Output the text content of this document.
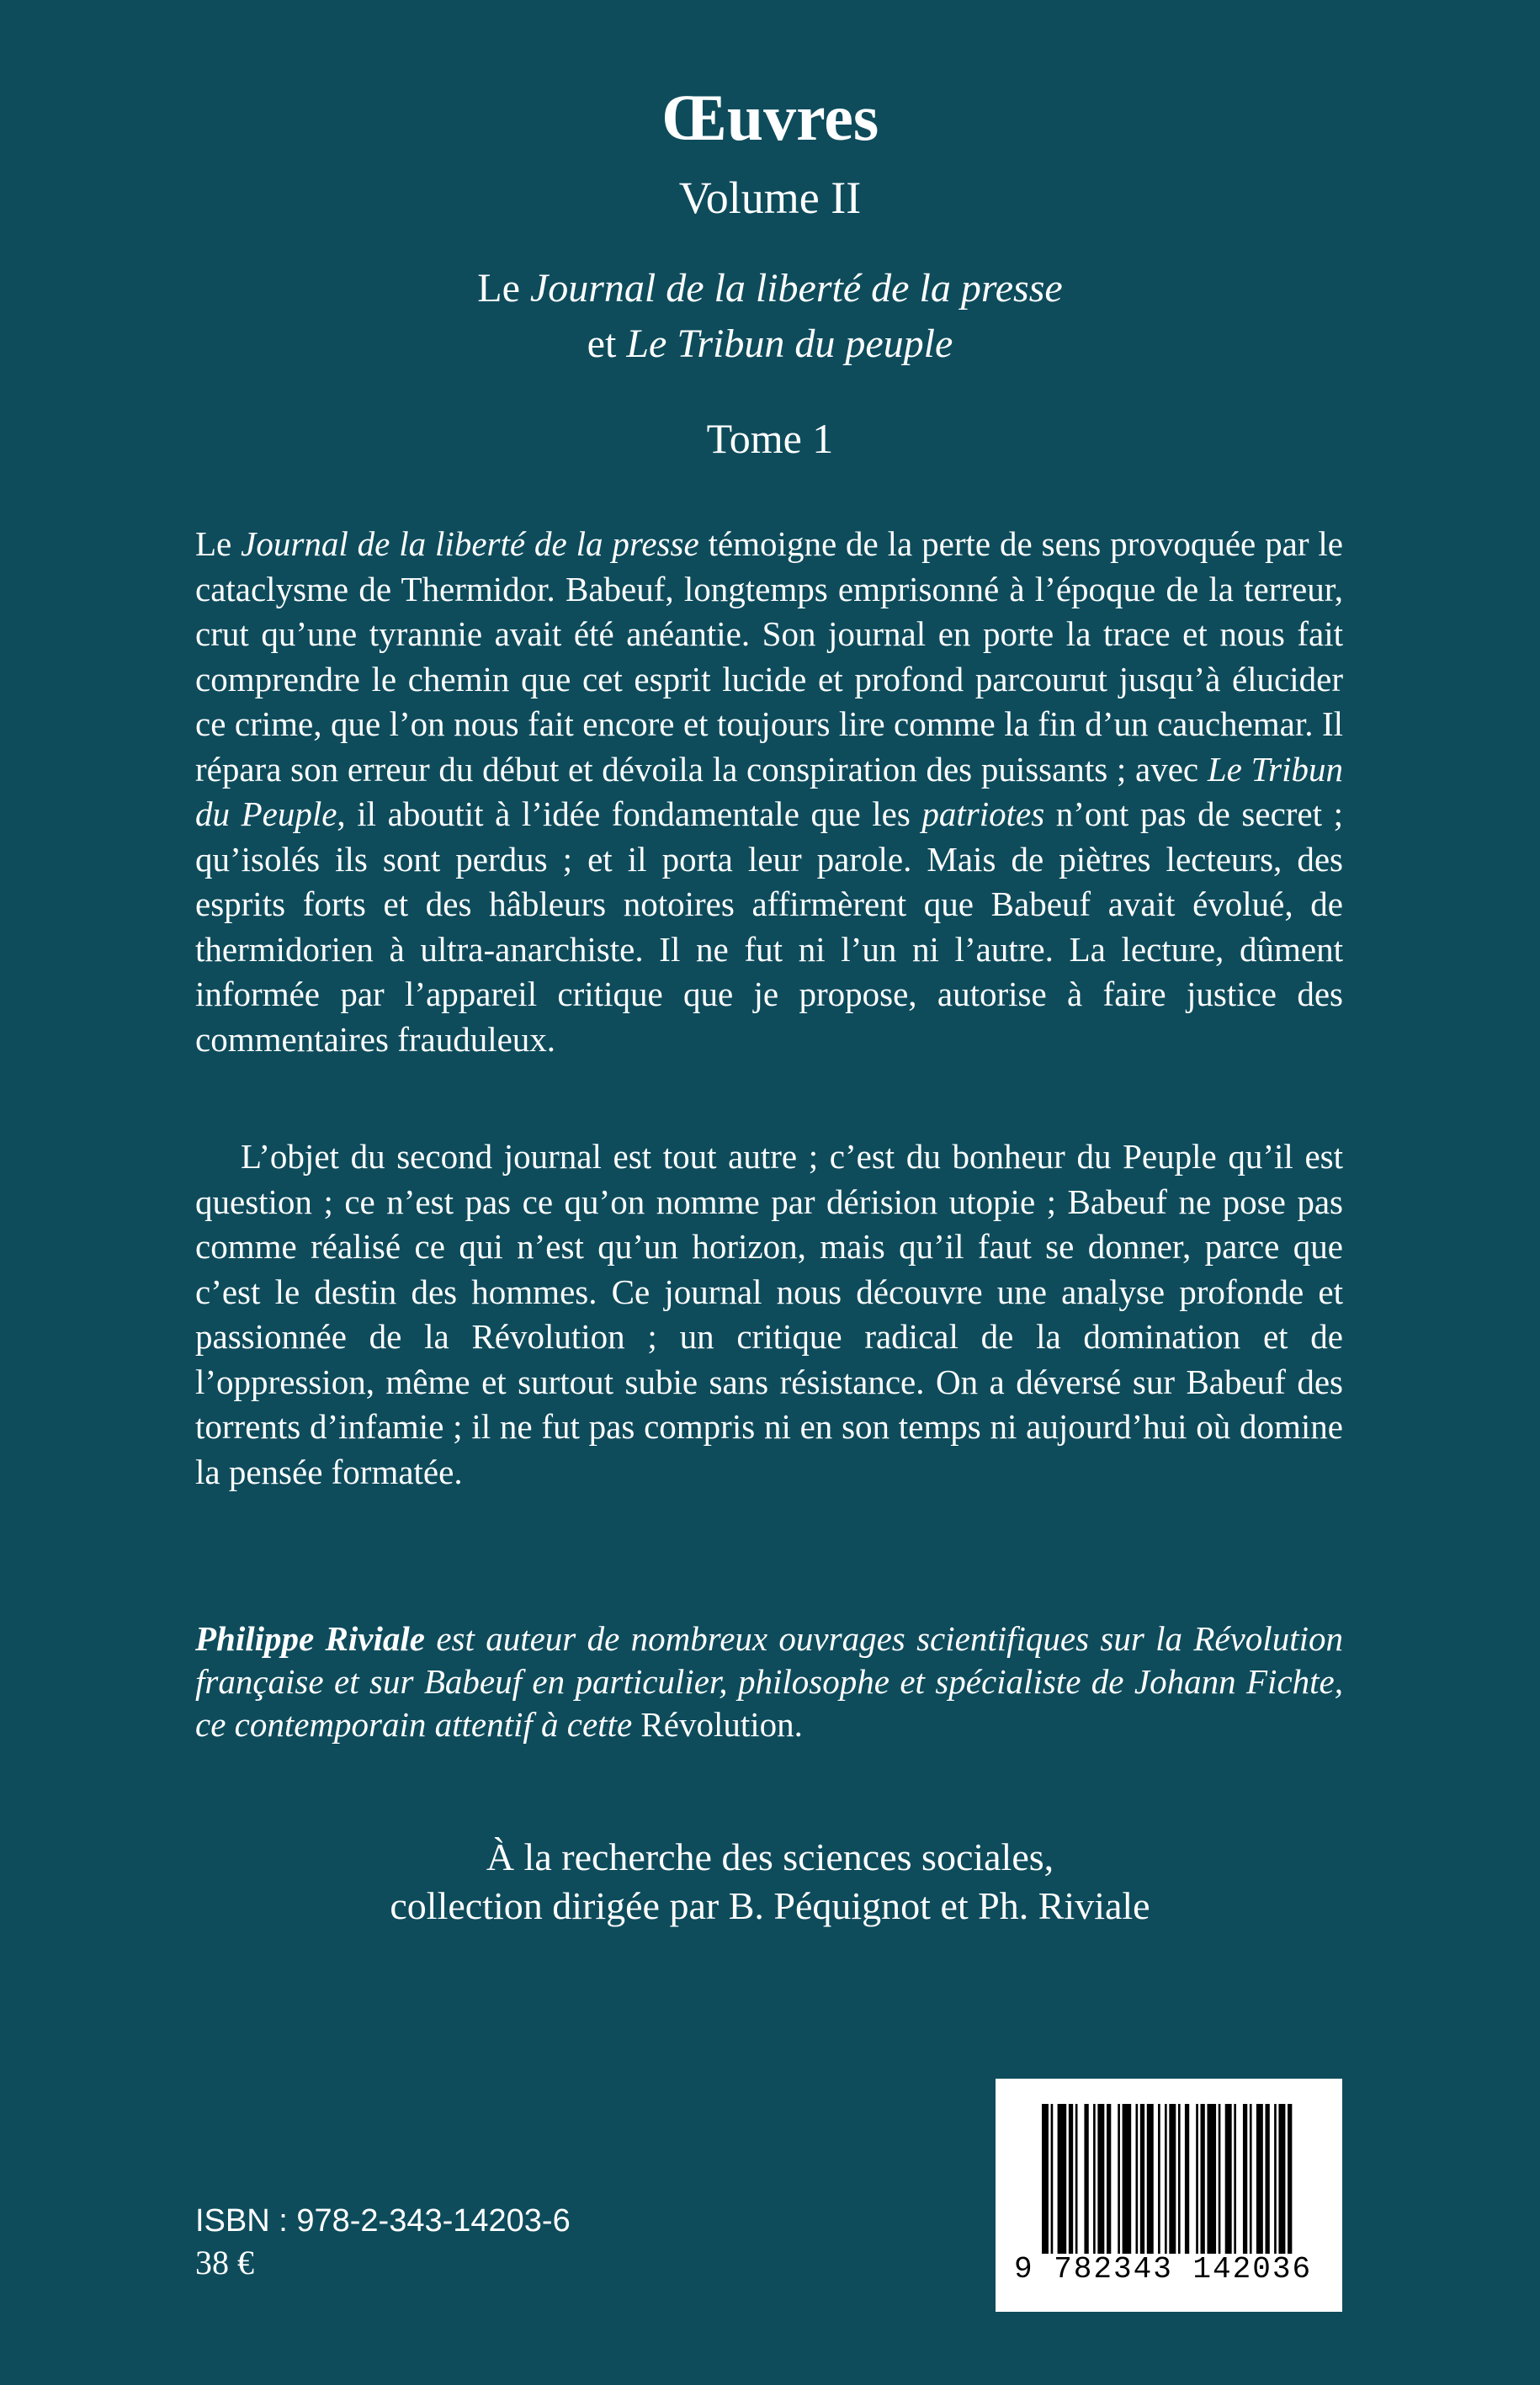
Œuvres
Volume II
Le Journal de la liberté de la presse
et Le Tribun du peuple
Tome 1
Le Journal de la liberté de la presse témoigne de la perte de sens provoquée par le cataclysme de Thermidor. Babeuf, longtemps emprisonné à l’époque de la terreur, crut qu’une tyrannie avait été anéantie. Son journal en porte la trace et nous fait comprendre le chemin que cet esprit lucide et profond parcourut jusqu’à élucider ce crime, que l’on nous fait encore et toujours lire comme la fin d’un cauchemar. Il répara son erreur du début et dévoila la conspiration des puissants ; avec Le Tribun du Peuple, il aboutit à l’idée fondamentale que les patriotes n’ont pas de secret ; qu’isolés ils sont perdus ; et il porta leur parole. Mais de piètres lecteurs, des esprits forts et des hâbleurs notoires affirmèrent que Babeuf avait évolué, de thermidorien à ultra-anarchiste. Il ne fut ni l’un ni l’autre. La lecture, dûment informée par l’appareil critique que je propose, autorise à faire justice des commentaires frauduleux.
L’objet du second journal est tout autre ; c’est du bonheur du Peuple qu’il est question ; ce n’est pas ce qu’on nomme par dérision utopie ; Babeuf ne pose pas comme réalisé ce qui n’est qu’un horizon, mais qu’il faut se donner, parce que c’est le destin des hommes. Ce journal nous découvre une analyse profonde et passionnée de la Révolution ; un critique radical de la domination et de l’oppression, même et surtout subie sans résistance. On a déversé sur Babeuf des torrents d’infamie ; il ne fut pas compris ni en son temps ni aujourd’hui où domine la pensée formatée.
Philippe Riviale est auteur de nombreux ouvrages scientifiques sur la Révolution française et sur Babeuf en particulier, philosophe et spécialiste de Johann Fichte, ce contemporain attentif à cette Révolution.
À la recherche des sciences sociales,
collection dirigée par B. Péquignot et Ph. Riviale
ISBN : 978-2-343-14203-6
38 €	9 782343 142036
